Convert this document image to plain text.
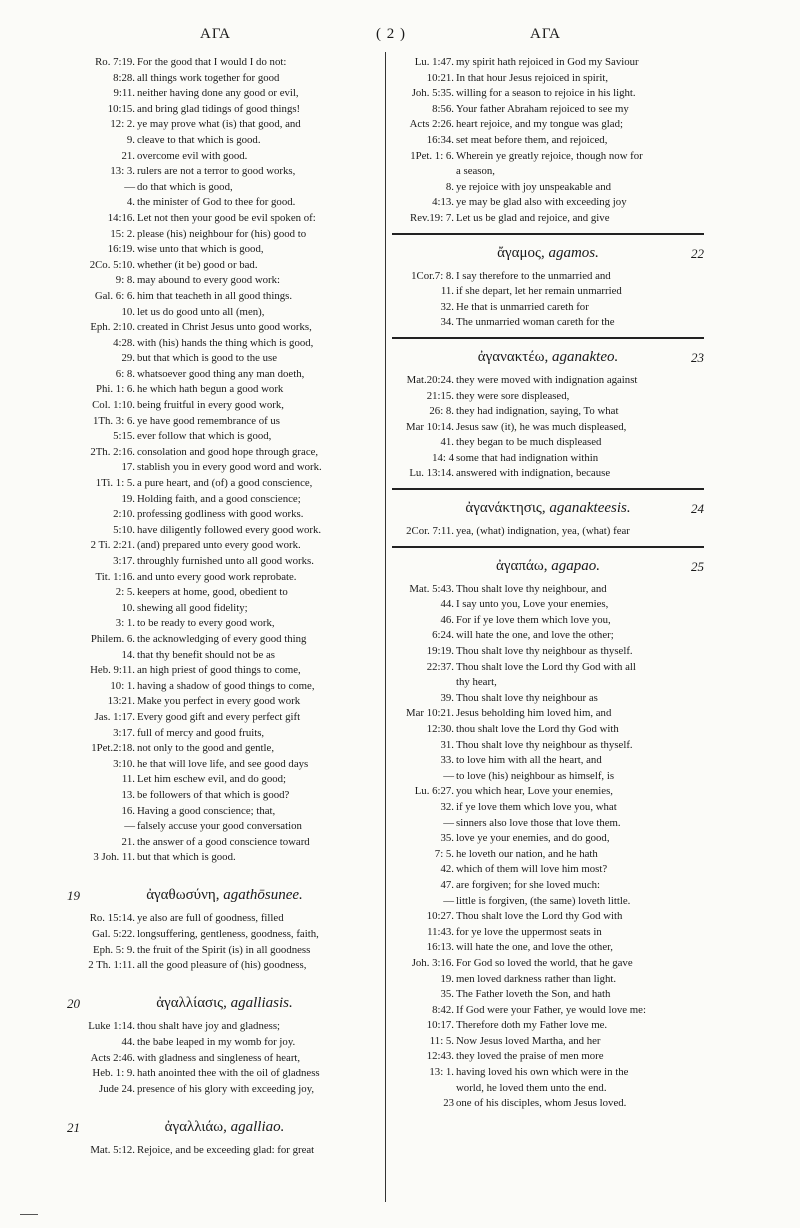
ΑΓΑ	( 2 )	ΑΓΑ
Ro. 7:19. For the good that I would I do not:
8:28. all things work together for good
9:11. neither having done any good or evil,
10:15. and bring glad tidings of good things!
12: 2. ye may prove what (is) that good, and
9. cleave to that which is good.
21. overcome evil with good.
13: 3. rulers are not a terror to good works,
— do that which is good,
4. the minister of God to thee for good.
14:16. Let not then your good be evil spoken of:
15: 2. please (his) neighbour for (his) good to
16:19. wise unto that which is good,
2Co. 5:10. whether (it be) good or bad.
9: 8. may abound to every good work:
Gal. 6: 6. him that teacheth in all good things.
10. let us do good unto all (men),
Eph. 2:10. created in Christ Jesus unto good works,
4:28. with (his) hands the thing which is good,
29. but that which is good to the use
6: 8. whatsoever good thing any man doeth,
Phi. 1: 6. he which hath begun a good work
Col. 1:10. being fruitful in every good work,
1Th. 3: 6. ye have good remembrance of us
5:15. ever follow that which is good,
2Th. 2:16. consolation and good hope through grace,
17. stablish you in every good word and work.
1Ti. 1: 5. a pure heart, and (of) a good conscience,
19. Holding faith, and a good conscience;
2:10. professing godliness with good works.
5:10. have diligently followed every good work.
2 Ti. 2:21. (and) prepared unto every good work.
3:17. throughly furnished unto all good works.
Tit. 1:16. and unto every good work reprobate.
2: 5. keepers at home, good, obedient to
10. shewing all good fidelity;
3: 1. to be ready to every good work,
Philem. 6. the acknowledging of every good thing
14. that thy benefit should not be as
Heb. 9:11. an high priest of good things to come,
10: 1. having a shadow of good things to come,
13:21. Make you perfect in every good work
Jas. 1:17. Every good gift and every perfect gift
3:17. full of mercy and good fruits,
1Pet.2:18. not only to the good and gentle,
3:10. he that will love life, and see good days
11. Let him eschew evil, and do good;
13. be followers of that which is good?
16. Having a good conscience; that,
— falsely accuse your good conversation
21. the answer of a good conscience toward
3 Joh. 11. but that which is good.
19	ἀγαθωσύνη, agathōsunee.
Ro. 15:14. ye also are full of goodness, filled
Gal. 5:22. longsuffering, gentleness, goodness, faith,
Eph. 5: 9. the fruit of the Spirit (is) in all goodness
2 Th. 1:11. all the good pleasure of (his) goodness,
20	ἀγαλλίασις, agalliasis.
Luke 1:14. thou shalt have joy and gladness;
44. the babe leaped in my womb for joy.
Acts 2:46. with gladness and singleness of heart,
Heb. 1: 9. hath anointed thee with the oil of gladness
Jude 24. presence of his glory with exceeding joy,
21	ἀγαλλιάω, agalliao.
Mat. 5:12. Rejoice, and be exceeding glad: for great
Lu. 1:47. my spirit hath rejoiced in God my Saviour
10:21. In that hour Jesus rejoiced in spirit,
Joh. 5:35. willing for a season to rejoice in his light.
8:56. Your father Abraham rejoiced to see my
Acts 2:26. heart rejoice, and my tongue was glad;
16:34. set meat before them, and rejoiced,
1Pet. 1: 6. Wherein ye greatly rejoice, though now for
a season,
8. ye rejoice with joy unspeakable and
4:13. ye may be glad also with exceeding joy
Rev.19: 7. Let us be glad and rejoice, and give
22
ἄγαμος, agamos.
1Cor.7: 8. I say therefore to the unmarried and
11. if she depart, let her remain unmarried
32. He that is unmarried careth for
34. The unmarried woman careth for the
23
ἀγανακτέω, aganakteo.
Mat.20:24. they were moved with indignation against
21:15. they were sore displeased,
26: 8. they had indignation, saying, To what
Mar 10:14. Jesus saw (it), he was much displeased,
41. they began to be much displeased
14: 4 some that had indignation within
Lu. 13:14. answered with indignation, because
24
ἀγανάκτησις, aganakteesis.
2Cor. 7:11. yea, (what) indignation, yea, (what) fear
25
ἀγαπάω, agapao.
Mat. 5:43. Thou shalt love thy neighbour, and
44. I say unto you, Love your enemies,
46. For if ye love them which love you,
6:24. will hate the one, and love the other;
19:19. Thou shalt love thy neighbour as thyself.
22:37. Thou shalt love the Lord thy God with all
thy heart,
39. Thou shalt love thy neighbour as
Mar 10:21. Jesus beholding him loved him, and
12:30. thou shalt love the Lord thy God with
31. Thou shalt love thy neighbour as thyself.
33. to love him with all the heart, and
— to love (his) neighbour as himself, is
Lu. 6:27. you which hear, Love your enemies,
32. if ye love them which love you, what
— sinners also love those that love them.
35. love ye your enemies, and do good,
7: 5. he loveth our nation, and he hath
42. which of them will love him most?
47. are forgiven; for she loved much:
— little is forgiven, (the same) loveth little.
10:27. Thou shalt love the Lord thy God with
11:43. for ye love the uppermost seats in
16:13. will hate the one, and love the other,
Joh. 3:16. For God so loved the world, that he gave
19. men loved darkness rather than light.
35. The Father loveth the Son, and hath
8:42. If God were your Father, ye would love me:
10:17. Therefore doth my Father love me.
11: 5. Now Jesus loved Martha, and her
12:43. they loved the praise of men more
13: 1. having loved his own which were in the
world, he loved them unto the end.
23 one of his disciples, whom Jesus loved.
